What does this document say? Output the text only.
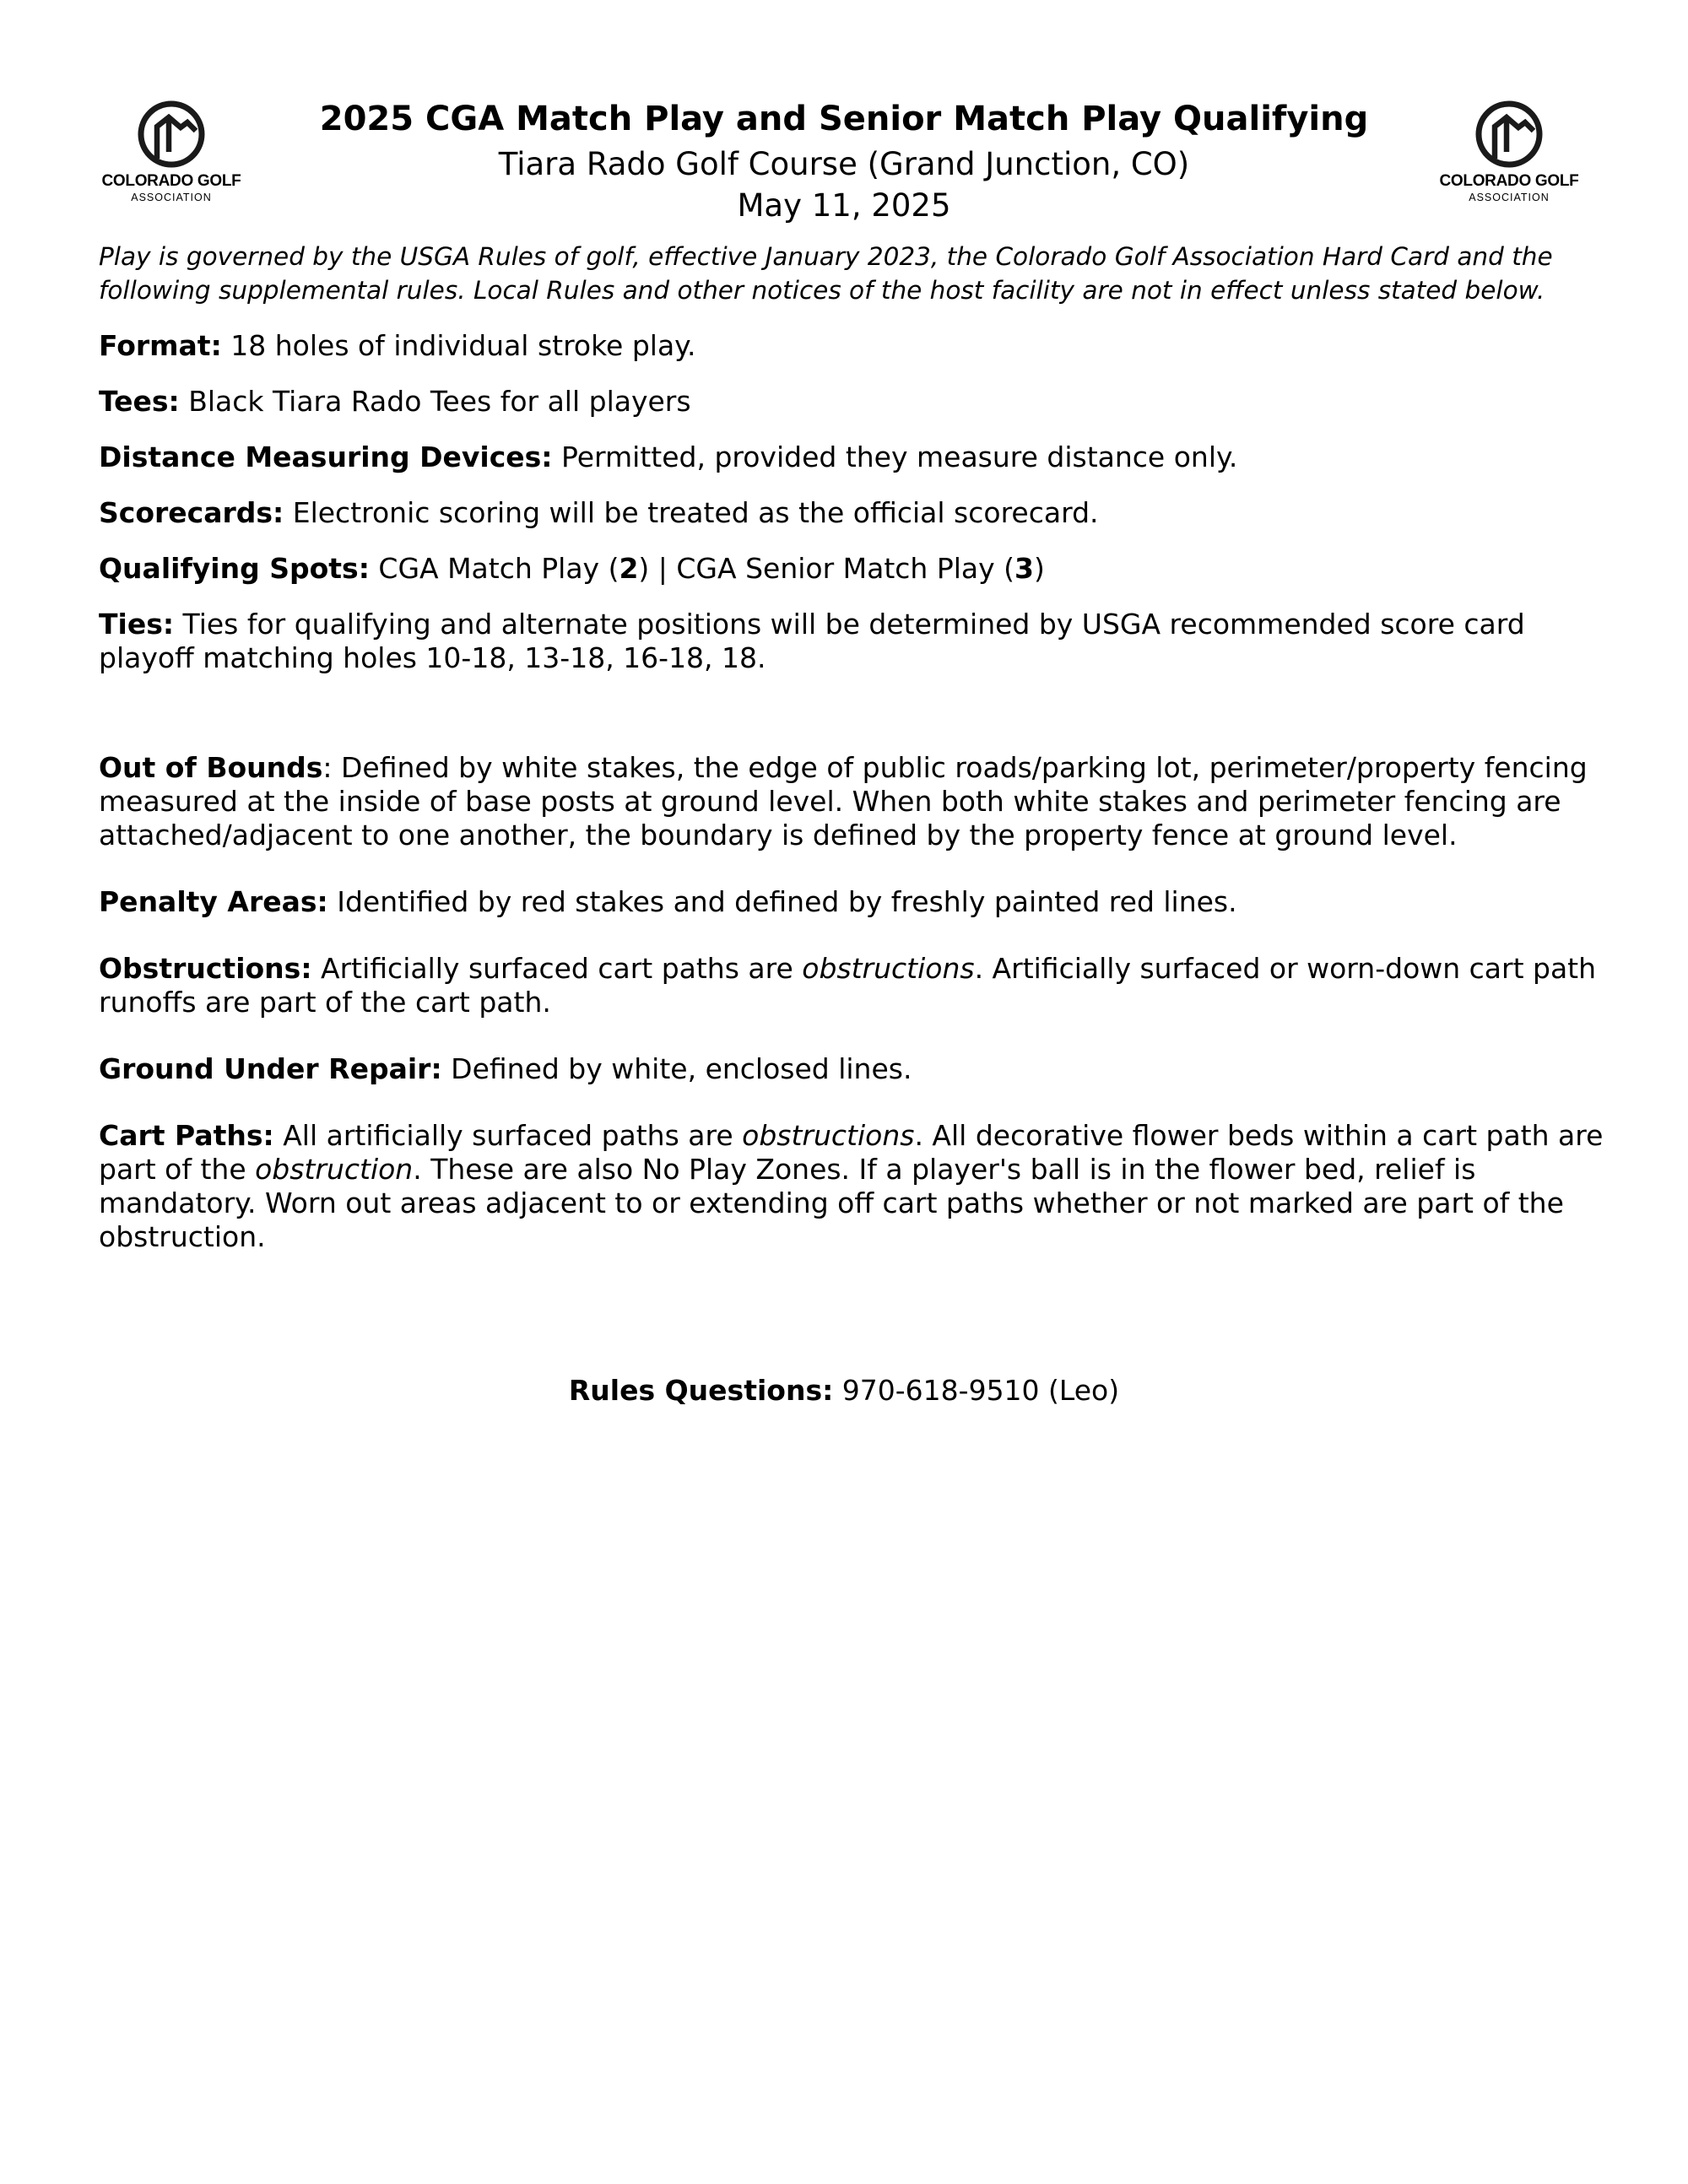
COLORADO GOLF
ASSOCIATION
COLORADO GOLF
ASSOCIATION
2025 CGA Match Play and Senior Match Play Qualifying
Tiara Rado Golf Course (Grand Junction, CO)
May 11, 2025
Play is governed by the USGA Rules of golf, effective January 2023, the Colorado Golf Association Hard Card and the following supplemental rules. Local Rules and other notices of the host facility are not in effect unless stated below.
Format: 18 holes of individual stroke play.
Tees: Black Tiara Rado Tees for all players
Distance Measuring Devices: Permitted, provided they measure distance only.
Scorecards: Electronic scoring will be treated as the official scorecard.
Qualifying Spots: CGA Match Play (2) | CGA Senior Match Play (3)
Ties: Ties for qualifying and alternate positions will be determined by USGA recommended score card playoff matching holes 10-18, 13-18, 16-18, 18.
Out of Bounds: Defined by white stakes, the edge of public roads/parking lot, perimeter/property fencing measured at the inside of base posts at ground level. When both white stakes and perimeter fencing are attached/adjacent to one another, the boundary is defined by the property fence at ground level.
Penalty Areas: Identified by red stakes and defined by freshly painted red lines.
Obstructions: Artificially surfaced cart paths are obstructions. Artificially surfaced or worn-down cart path runoffs are part of the cart path.
Ground Under Repair: Defined by white, enclosed lines.
Cart Paths: All artificially surfaced paths are obstructions. All decorative flower beds within a cart path are part of the obstruction. These are also No Play Zones. If a player's ball is in the flower bed, relief is mandatory. Worn out areas adjacent to or extending off cart paths whether or not marked are part of the obstruction.
Rules Questions: 970-618-9510 (Leo)
